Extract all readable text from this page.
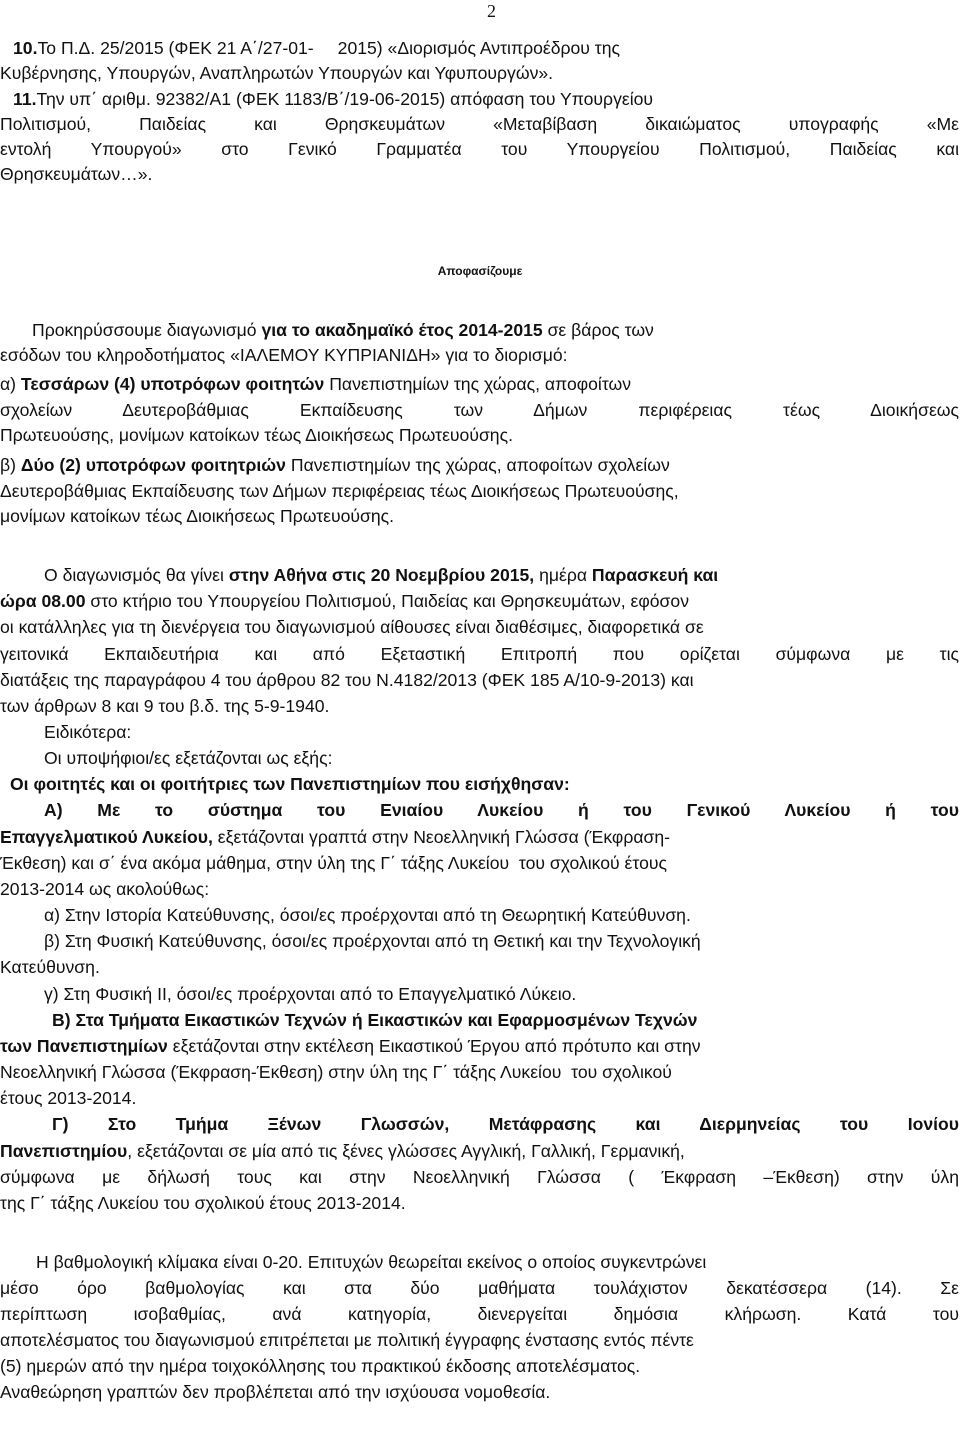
2
10.Το Π.Δ. 25/2015 (ΦΕΚ 21 Α΄/27-01- 2015) «Διορισμός Αντιπροέδρου της
Κυβέρνησης, Υπουργών, Αναπληρωτών Υπουργών και Υφυπουργών».
11.Την υπ΄ αριθμ. 92382/Α1 (ΦΕΚ 1183/Β΄/19-06-2015) απόφαση του Υπουργείου
Πολιτισμού, Παιδείας και Θρησκευμάτων «Μεταβίβαση δικαιώματος υπογραφής «Με
εντολή Υπουργού» στο Γενικό Γραμματέα του Υπουργείου Πολιτισμού, Παιδείας και
Θρησκευμάτων…».
Αποφασίζουμε
Προκηρύσσουμε διαγωνισμό για το ακαδημαϊκό έτος 2014-2015 σε βάρος των
εσόδων του κληροδοτήματος «ΙΑΛΕΜΟΥ ΚΥΠΡΙΑΝΙΔΗ» για το διορισμό:
α) Τεσσάρων (4) υποτρόφων φοιτητών Πανεπιστημίων της χώρας, αποφοίτων
σχολείων Δευτεροβάθμιας Εκπαίδευσης των Δήμων περιφέρειας τέως Διοικήσεως
Πρωτευούσης, μονίμων κατοίκων τέως Διοικήσεως Πρωτευούσης.
β) Δύο (2) υποτρόφων φοιτητριών Πανεπιστημίων της χώρας, αποφοίτων σχολείων
Δευτεροβάθμιας Εκπαίδευσης των Δήμων περιφέρειας τέως Διοικήσεως Πρωτευούσης,
μονίμων κατοίκων τέως Διοικήσεως Πρωτευούσης.
Ο διαγωνισμός θα γίνει στην Αθήνα στις 20 Νοεμβρίου 2015, ημέρα Παρασκευή και
ώρα 08.00 στο κτήριο του Υπουργείου Πολιτισμού, Παιδείας και Θρησκευμάτων, εφόσον
οι κατάλληλες για τη διενέργεια του διαγωνισμού αίθουσες είναι διαθέσιμες, διαφορετικά σε
γειτονικά Εκπαιδευτήρια και από Εξεταστική Επιτροπή που ορίζεται σύμφωνα με τις
διατάξεις της παραγράφου 4 του άρθρου 82 του Ν.4182/2013 (ΦΕΚ 185 Α/10-9-2013) και
των άρθρων 8 και 9 του β.δ. της 5-9-1940.
Ειδικότερα:
Οι υποψήφιοι/ες εξετάζονται ως εξής:
Οι φοιτητές και οι φοιτήτριες των Πανεπιστημίων που εισήχθησαν:
Α) Με το σύστημα του Ενιαίου Λυκείου ή του Γενικού Λυκείου ή του
Επαγγελματικού Λυκείου, εξετάζονται γραπτά στην Νεοελληνική Γλώσσα (Έκφραση-
Έκθεση) και σ΄ ένα ακόμα μάθημα, στην ύλη της Γ΄ τάξης Λυκείου  του σχολικού έτους
2013-2014 ως ακολούθως:
α) Στην Ιστορία Κατεύθυνσης, όσοι/ες προέρχονται από τη Θεωρητική Κατεύθυνση.
β) Στη Φυσική Κατεύθυνσης, όσοι/ες προέρχονται από τη Θετική και την Τεχνολογική
Κατεύθυνση.
γ) Στη Φυσική ΙΙ, όσοι/ες προέρχονται από το Επαγγελματικό Λύκειο.
Β) Στα Τμήματα Εικαστικών Τεχνών ή Εικαστικών και Εφαρμοσμένων Τεχνών
των Πανεπιστημίων εξετάζονται στην εκτέλεση Εικαστικού Έργου από πρότυπο και στην
Νεοελληνική Γλώσσα (Έκφραση-Έκθεση) στην ύλη της Γ΄ τάξης Λυκείου  του σχολικού
έτους 2013-2014.
Γ) Στο Τμήμα Ξένων Γλωσσών, Μετάφρασης και Διερμηνείας του Ιονίου
Πανεπιστημίου, εξετάζονται σε μία από τις ξένες γλώσσες Αγγλική, Γαλλική, Γερμανική,
σύμφωνα με δήλωσή τους και στην Νεοελληνική Γλώσσα ( Έκφραση –Έκθεση) στην ύλη
της Γ΄ τάξης Λυκείου του σχολικού έτους 2013-2014.
Η βαθμολογική κλίμακα είναι 0-20. Επιτυχών θεωρείται εκείνος ο οποίος συγκεντρώνει
μέσο όρο βαθμολογίας και στα δύο μαθήματα τουλάχιστον δεκατέσσερα (14). Σε
περίπτωση ισοβαθμίας, ανά κατηγορία, διενεργείται δημόσια κλήρωση. Κατά του
αποτελέσματος του διαγωνισμού επιτρέπεται με πολιτική έγγραφης ένστασης εντός πέντε
(5) ημερών από την ημέρα τοιχοκόλλησης του πρακτικού έκδοσης αποτελέσματος.
Αναθεώρηση γραπτών δεν προβλέπεται από την ισχύουσα νομοθεσία.
